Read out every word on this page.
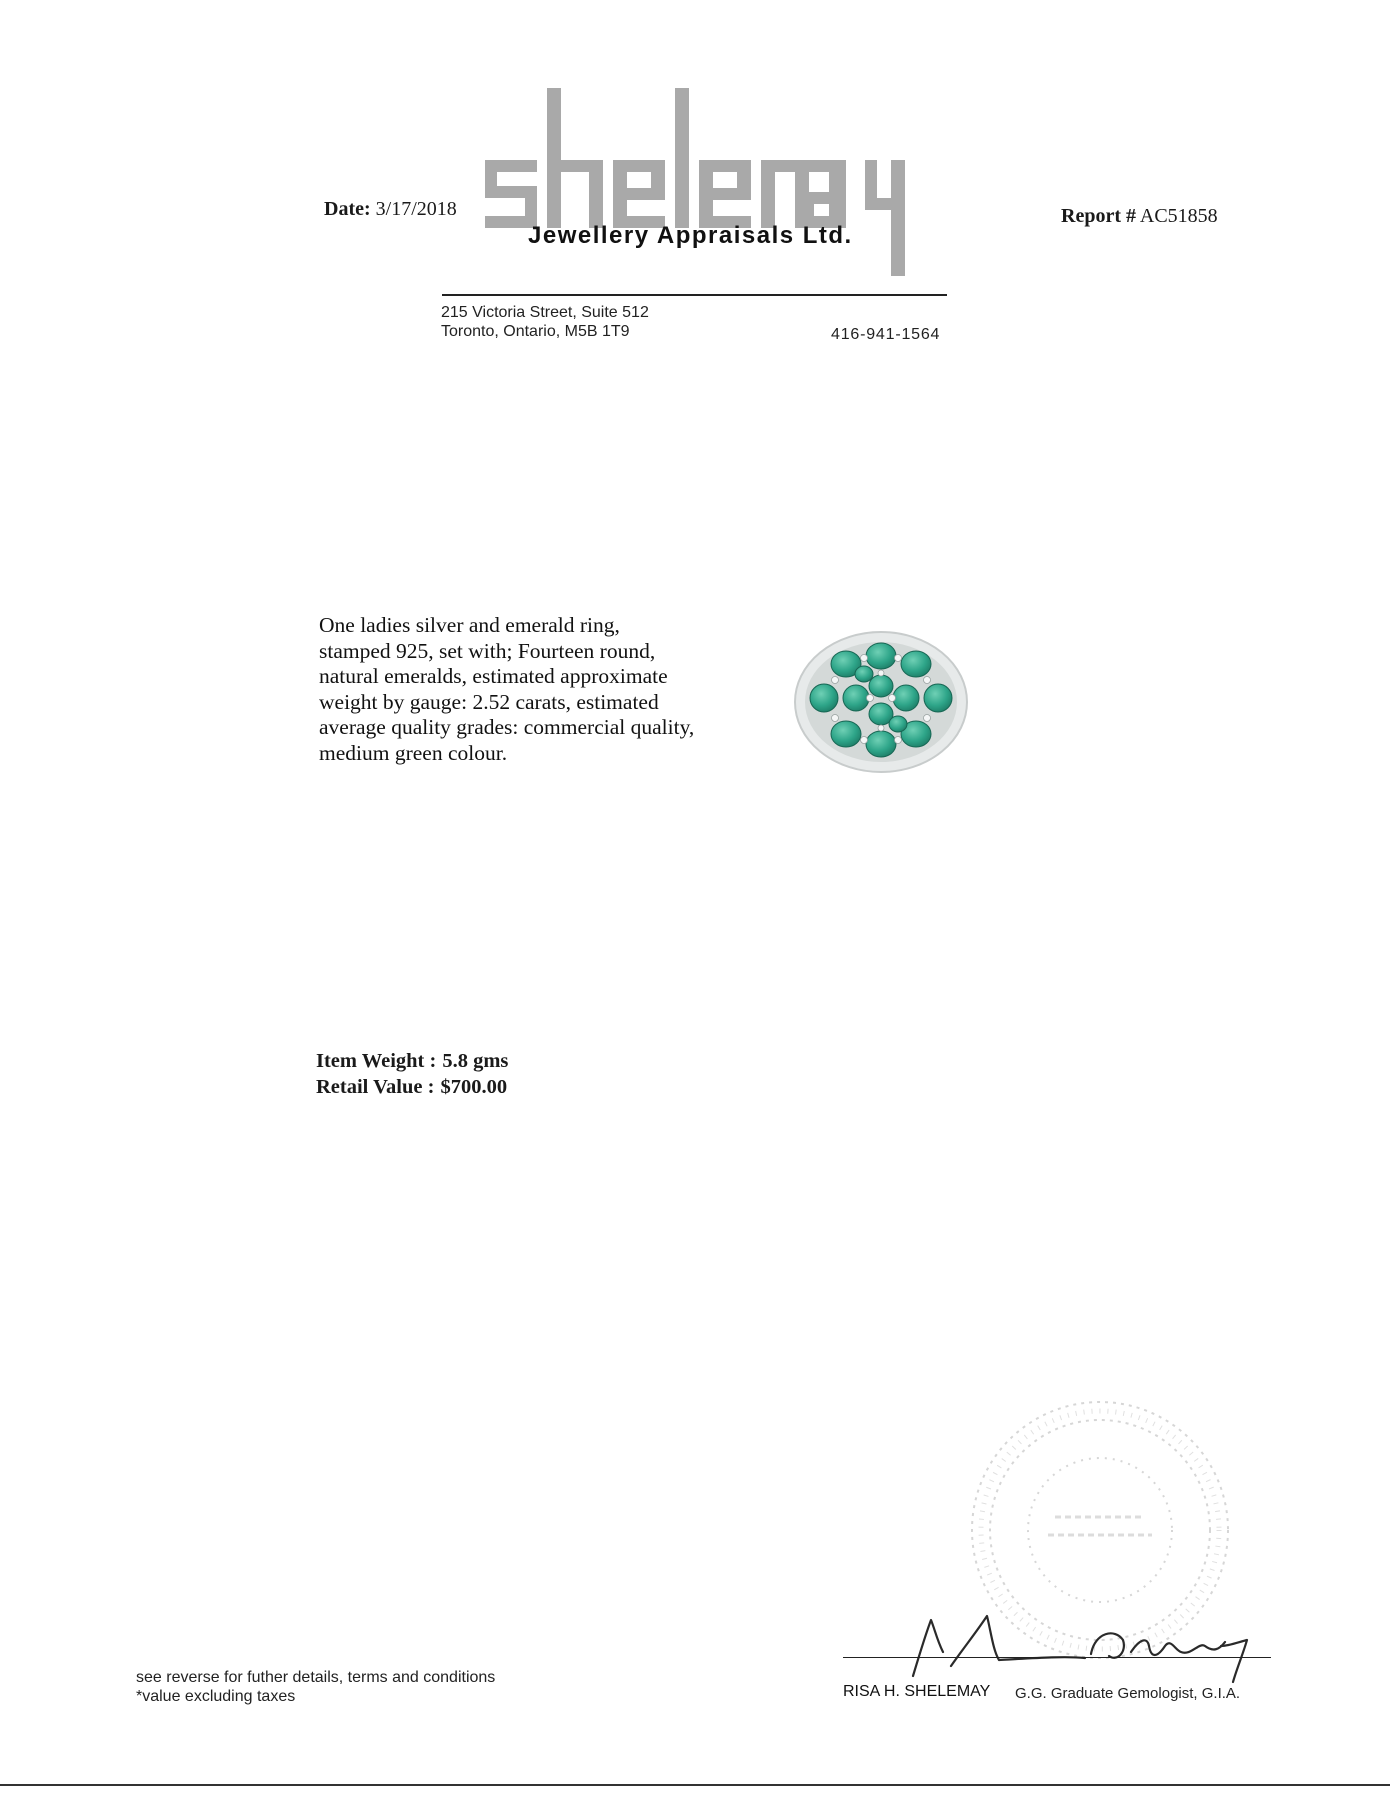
Date: 3/17/2018
Jewellery Appraisals Ltd.
Report # AC51858
215 Victoria Street, Suite 512
Toronto, Ontario, M5B 1T9	416-941-1564
One ladies silver and emerald ring,
stamped 925, set with; Fourteen round,
natural emeralds, estimated approximate
weight by gauge: 2.52 carats, estimated
average quality grades: commercial quality,
medium green colour.
Item Weight : 5.8 gms
Retail Value : $700.00
RISA H. SHELEMAY G.G. Graduate Gemologist, G.I.A.
see reverse for futher details, terms and conditions
*value excluding taxes
